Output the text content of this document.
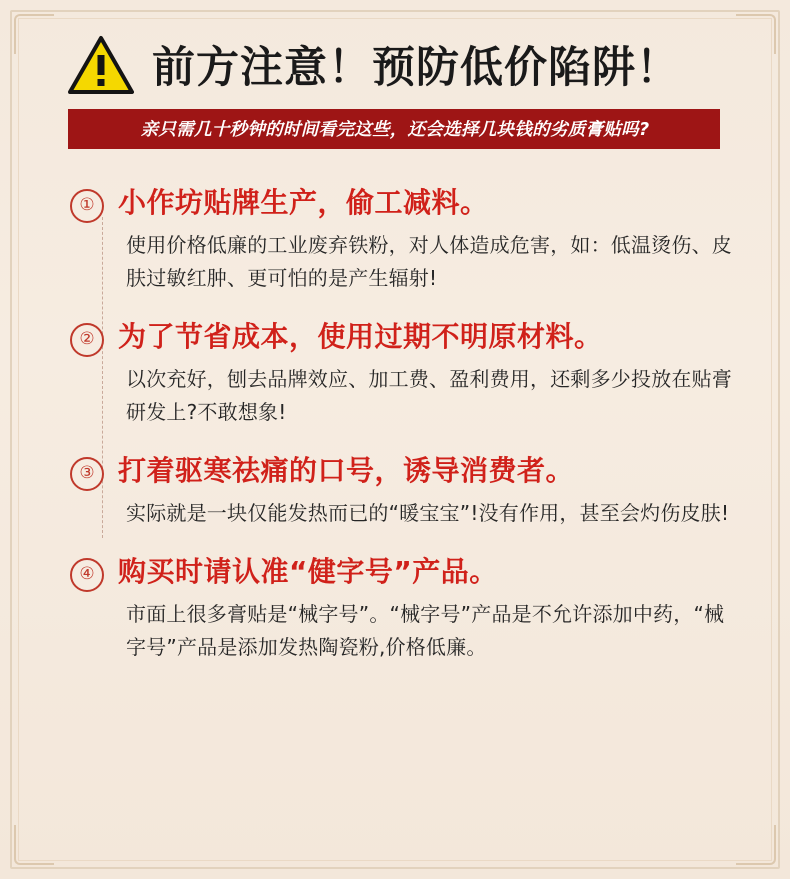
前方注意！预防低价陷阱！
亲只需几十秒钟的时间看完这些，还会选择几块钱的劣质膏贴吗?
① 小作坊贴牌生产，偷工减料。
使用价格低廉的工业废弃铁粉，对人体造成危害，如：低温烫伤、皮肤过敏红肿、更可怕的是产生辐射!
② 为了节省成本，使用过期不明原材料。
以次充好，刨去品牌效应、加工费、盈利费用，还剩多少投放在贴膏研发上?不敢想象!
③ 打着驱寒祛痛的口号，诱导消费者。
实际就是一块仅能发热而已的“暖宝宝”!没有作用，甚至会灼伤皮肤!
④ 购买时请认准“健字号”产品。
市面上很多膏贴是“械字号”。“械字号”产品是不允许添加中药，“械字号”产品是添加发热陶瓷粉,价格低廉。
